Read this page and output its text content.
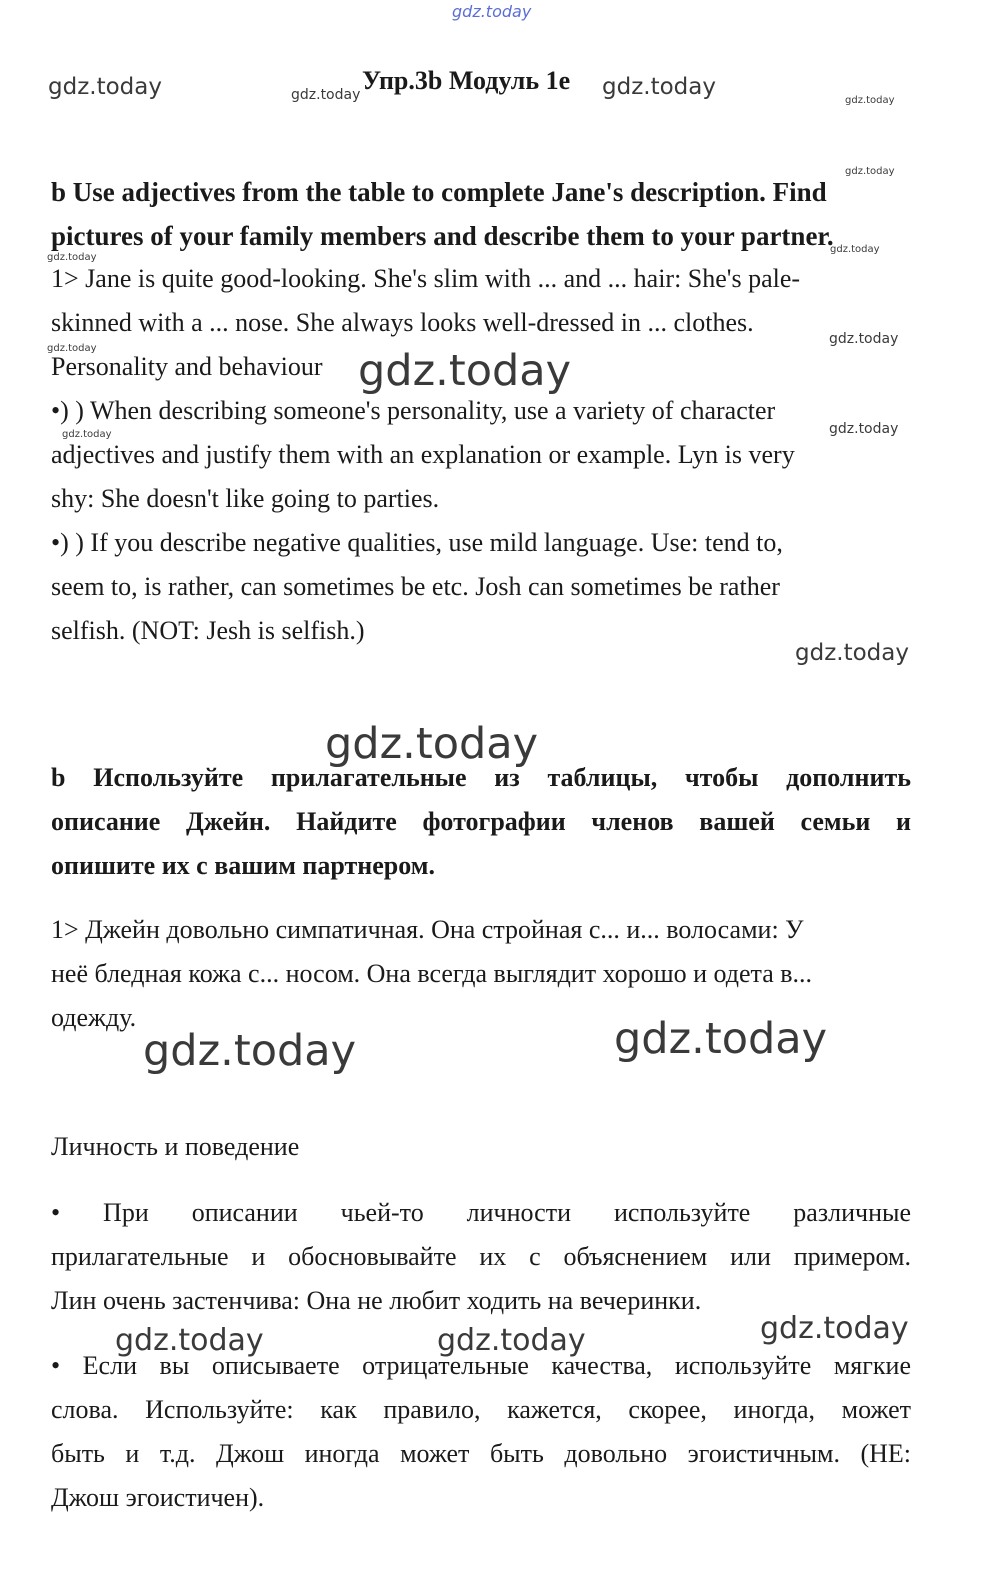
gdz.today
gdz.today	gdz.today	gdz.today
gdz.today
gdz.today
gdz.today
gdz.today
gdz.today
gdz.today	gdz.today
gdz.today	gdz.today
gdz.today
gdz.today
gdz.today	gdz.today
gdz.today	gdz.today	gdz.today
Упр.3b Модуль 1e
b Use adjectives from the table to complete Jane's description. Find
pictures of your family members and describe them to your partner.
1> Jane is quite good-looking. She's slim with ... and ... hair: She's pale-
skinned with a ... nose. She always looks well-dressed in ... clothes.
Personality and behaviour
•) ) When describing someone's personality, use a variety of character
adjectives and justify them with an explanation or example. Lyn is very
shy: She doesn't like going to parties.
•) ) If you describe negative qualities, use mild language. Use: tend to,
seem to, is rather, can sometimes be etc. Josh can sometimes be rather
selfish. (NOT: Jesh is selfish.)
b Используйте прилагательные из таблицы, чтобы дополнить
описание Джейн. Найдите фотографии членов вашей семьи и
опишите их с вашим партнером.
1> Джейн довольно симпатичная. Она стройная с... и... волосами: У
неё бледная кожа с... носом. Она всегда выглядит хорошо и одета в...
одежду.
Личность и поведение
• При описании чьей-то личности используйте различные
прилагательные и обосновывайте их с объяснением или примером.
Лин очень застенчива: Она не любит ходить на вечеринки.
• Если вы описываете отрицательные качества, используйте мягкие
слова. Используйте: как правило, кажется, скорее, иногда, может
быть и т.д. Джош иногда может быть довольно эгоистичным. (НЕ:
Джош эгоистичен).
